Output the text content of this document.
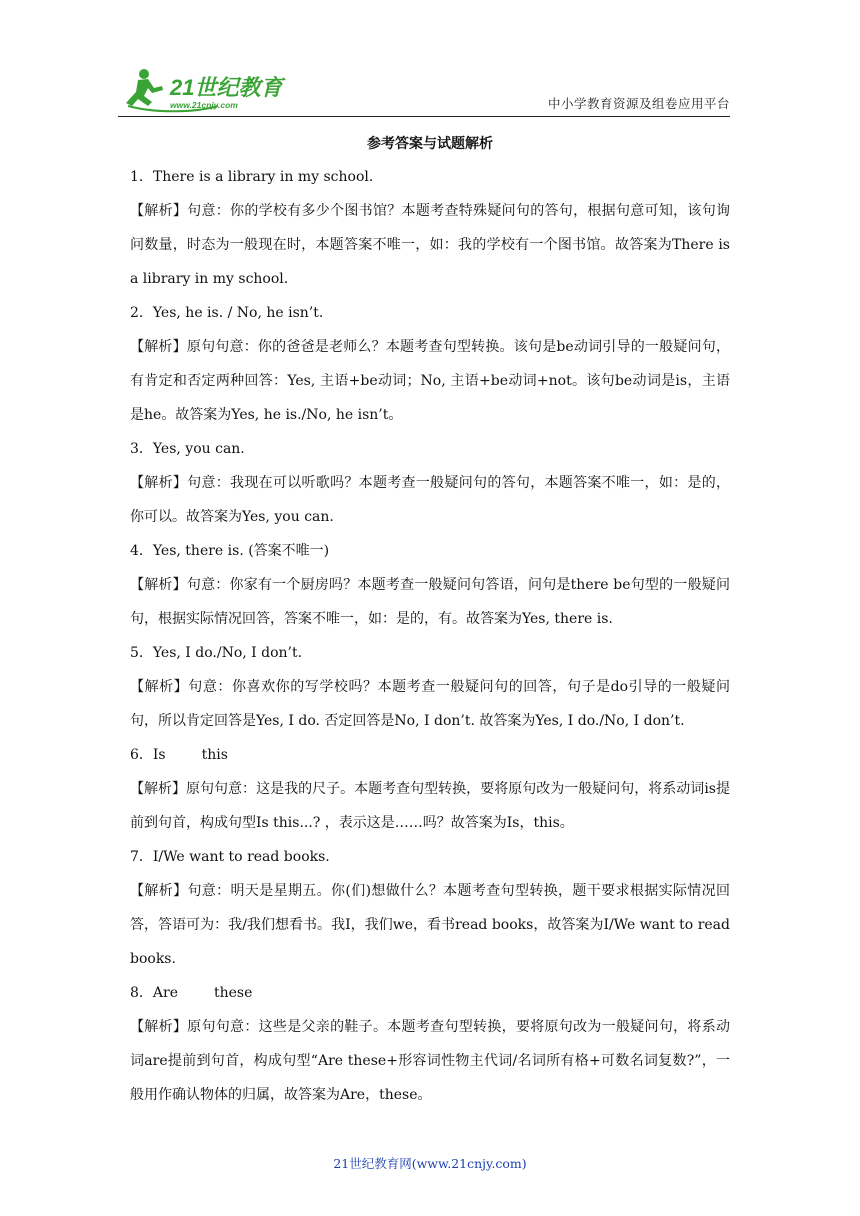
21世纪教育
www.21cnjy.com	中小学教育资源及组卷应用平台
参考答案与试题解析

1．There is a library in my school.

【解析】句意：你的学校有多少个图书馆？本题考查特殊疑问句的答句，根据句意可知，该句询问数量，时态为一般现在时，本题答案不唯一，如：我的学校有一个图书馆。故答案为There is a library in my school.

2．Yes, he is. / No, he isn’t.

【解析】原句句意：你的爸爸是老师么？本题考查句型转换。该句是be动词引导的一般疑问句，有肯定和否定两种回答：Yes, 主语+be动词；No, 主语+be动词+not。该句be动词是is，主语是he。故答案为Yes, he is./No, he isn’t。

3．Yes, you can.

【解析】句意：我现在可以听歌吗？本题考查一般疑问句的答句，本题答案不唯一，如：是的，你可以。故答案为Yes, you can.

4．Yes, there is. (答案不唯一)

【解析】句意：你家有一个厨房吗？本题考查一般疑问句答语，问句是there be句型的一般疑问句，根据实际情况回答，答案不唯一，如：是的，有。故答案为Yes, there is.

5．Yes, I do./No, I don’t.

【解析】句意：你喜欢你的写学校吗？本题考查一般疑问句的回答，句子是do引导的一般疑问句，所以肯定回答是Yes, I do. 否定回答是No, I don’t. 故答案为Yes, I do./No, I don’t.

6．Is	this

【解析】原句句意：这是我的尺子。本题考查句型转换，要将原句改为一般疑问句，将系动词is提前到句首，构成句型Is this...? ，表示这是……吗？故答案为Is，this。

7．I/We want to read books.

【解析】句意：明天是星期五。你(们)想做什么？本题考查句型转换，题干要求根据实际情况回答，答语可为：我/我们想看书。我I，我们we，看书read books，故答案为I/We want to read books.

8．Are	these

【解析】原句句意：这些是父亲的鞋子。本题考查句型转换，要将原句改为一般疑问句，将系动词are提前到句首，构成句型“Are these+形容词性物主代词/名词所有格+可数名词复数?”，一般用作确认物体的归属，故答案为Are，these。

21世纪教育网(www.21cnjy.com)
